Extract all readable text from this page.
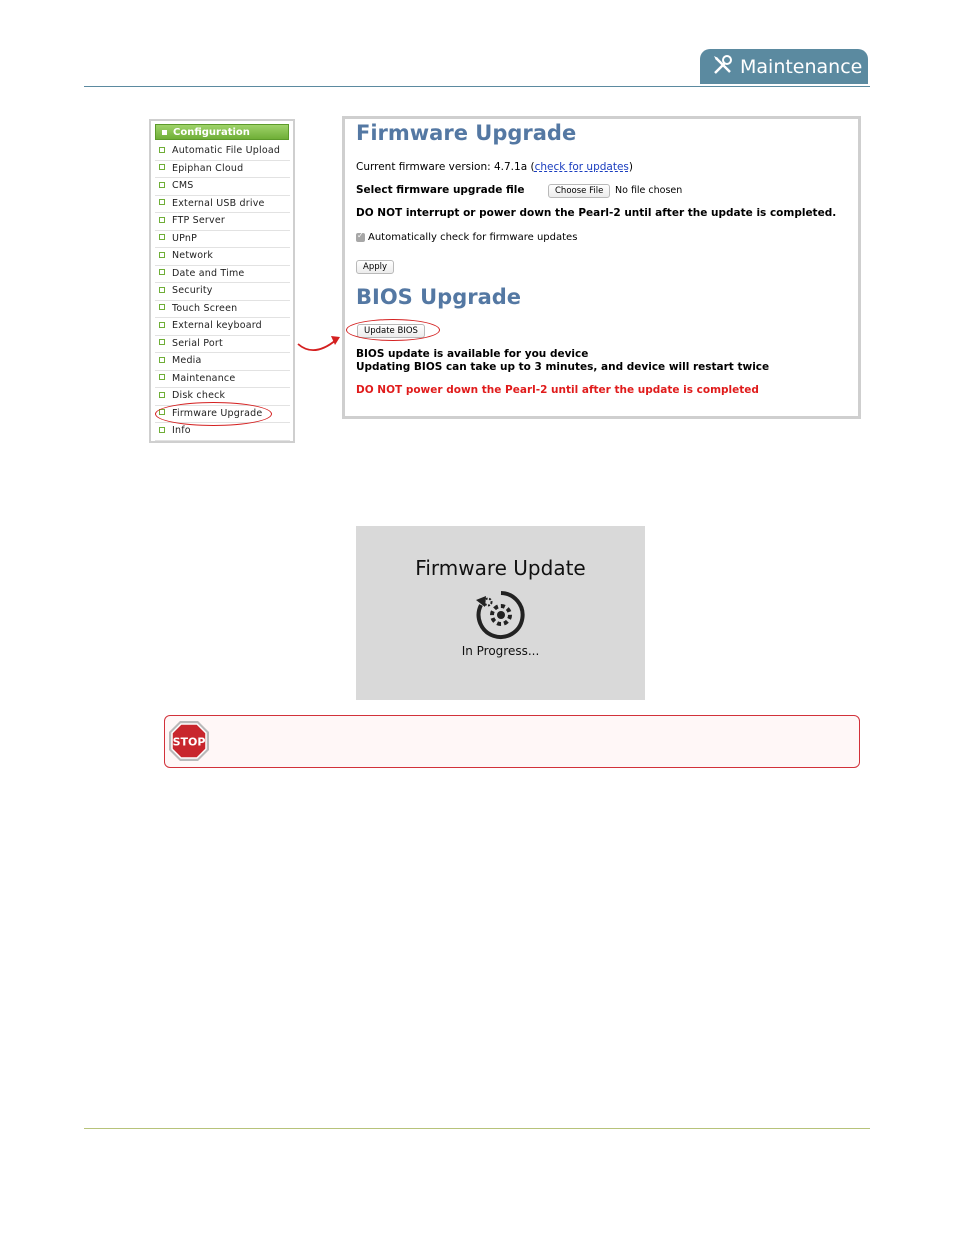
Maintenance
Configuration
Automatic File Upload
Epiphan Cloud
CMS
External USB drive
FTP Server
UPnP
Network
Date and Time
Security
Touch Screen
External keyboard
Serial Port
Media
Maintenance
Disk check
Firmware Upgrade
Info
Firmware Upgrade
Current firmware version: 4.7.1a (check for updates)
Select firmware upgrade file	Choose File	No file chosen
DO NOT interrupt or power down the Pearl-2 until after the update is completed.
✓Automatically check for firmware updates
Apply
BIOS Upgrade
Update BIOS
BIOS update is available for you device
Updating BIOS can take up to 3 minutes, and device will restart twice
DO NOT power down the Pearl-2 until after the update is completed
Firmware Update
In Progress...
STOP
